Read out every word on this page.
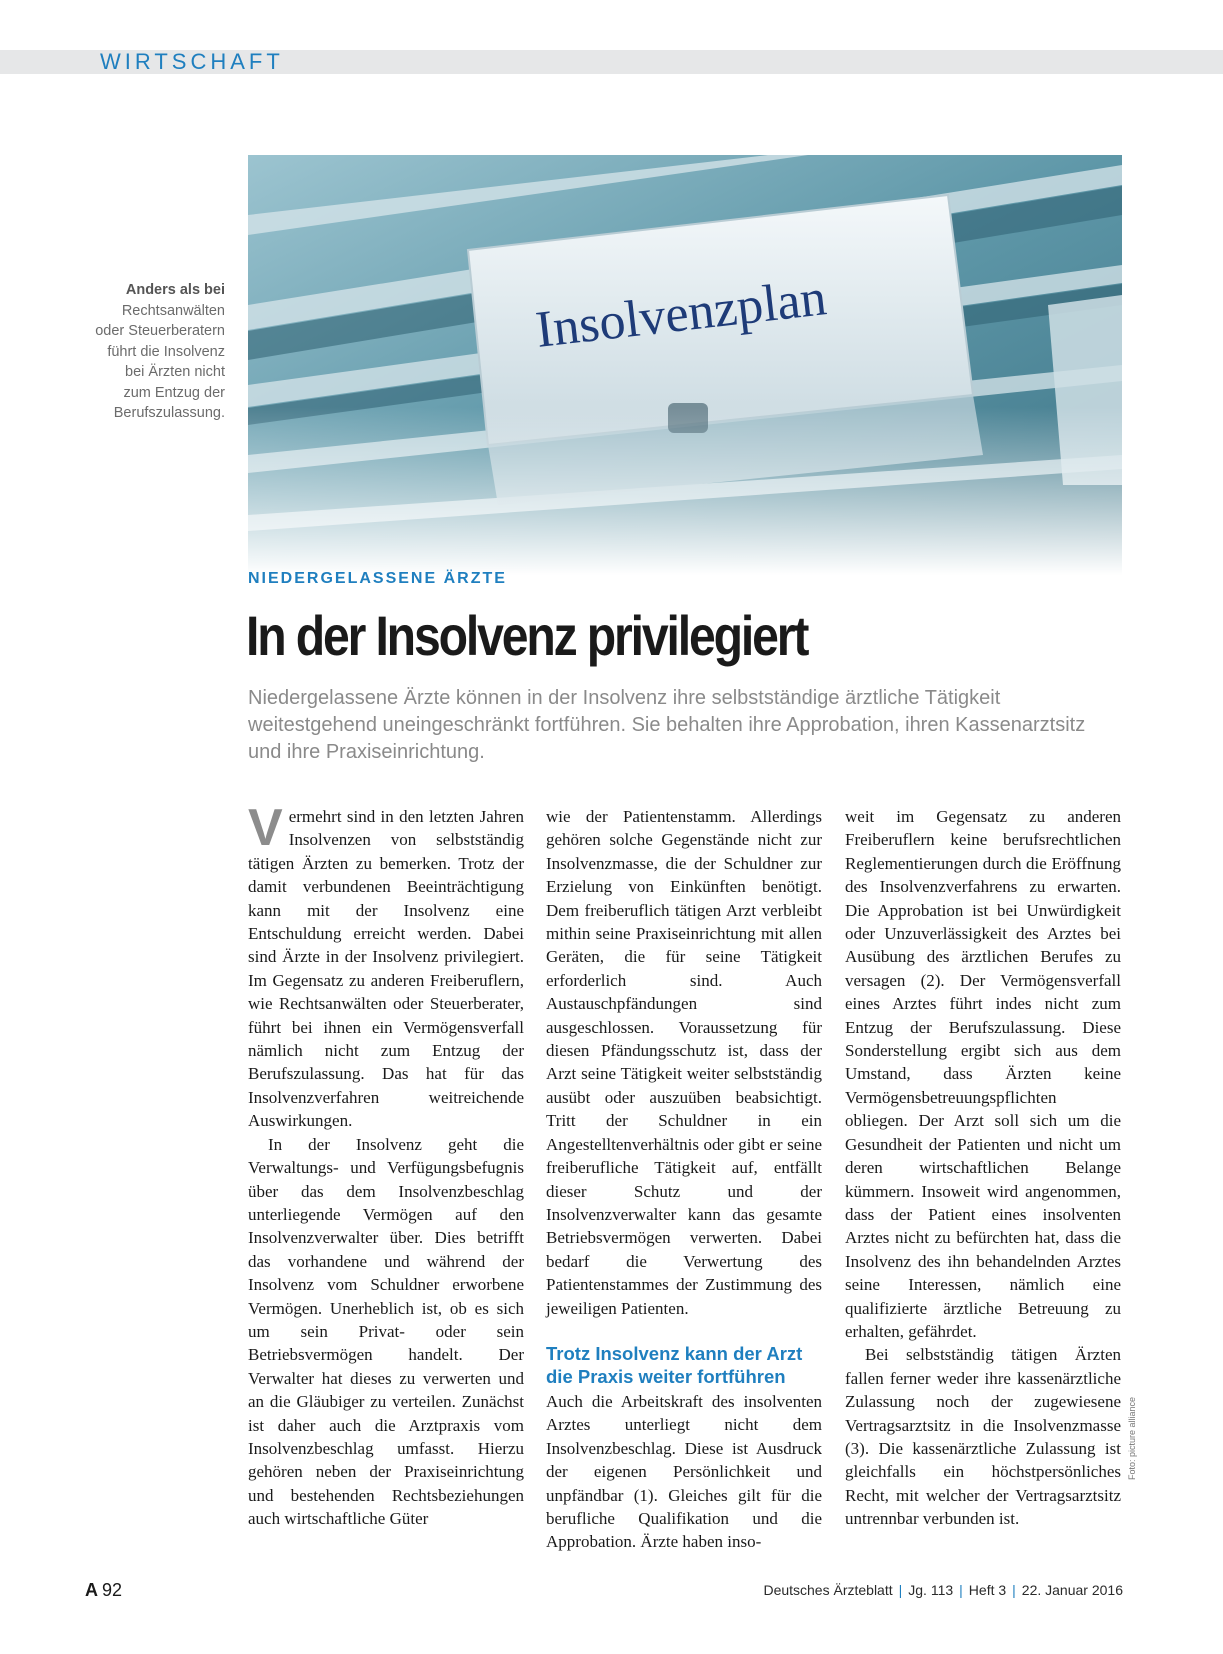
WIRTSCHAFT
Anders als bei
Rechtsanwälten oder Steuerberatern führt die Insolvenz bei Ärzten nicht zum Entzug der Berufszulassung.
Foto: picture alliance
NIEDERGELASSENE ÄRZTE
In der Insolvenz privilegiert

Niedergelassene Ärzte können in der Insolvenz ihre selbstständige ärztliche Tätigkeit weitestgehend uneingeschränkt fortführen. Sie behalten ihre Approbation, ihren Kassenarztsitz und ihre Praxiseinrichtung.

Vermehrt sind in den letzten Jahren Insolvenzen von selbstständig tätigen Ärzten zu bemerken. Trotz der damit verbundenen Beeinträchtigung kann mit der Insolvenz eine Entschuldung erreicht werden. Dabei sind Ärzte in der Insolvenz privilegiert. Im Gegensatz zu anderen Freiberuflern, wie Rechtsanwälten oder Steuerberater, führt bei ihnen ein Vermögensverfall nämlich nicht zum Entzug der Berufszulassung. Das hat für das Insolvenzverfahren weitreichende Auswirkungen.

In der Insolvenz geht die Verwaltungs- und Verfügungsbefugnis über das dem Insolvenzbeschlag unterliegende Vermögen auf den Insolvenzverwalter über. Dies betrifft das vorhandene und während der Insolvenz vom Schuldner erworbene Vermögen. Unerheblich ist, ob es sich um sein Privat- oder sein Betriebsvermögen handelt. Der Verwalter hat dieses zu verwerten und an die Gläubiger zu verteilen. Zunächst ist daher auch die Arztpraxis vom Insolvenzbeschlag umfasst. Hierzu gehören neben der Praxiseinrichtung und bestehenden Rechtsbeziehungen auch wirtschaftliche Güter

wie der Patientenstamm. Allerdings gehören solche Gegenstände nicht zur Insolvenzmasse, die der Schuldner zur Erzielung von Einkünften benötigt. Dem freiberuflich tätigen Arzt verbleibt mithin seine Praxiseinrichtung mit allen Geräten, die für seine Tätigkeit erforderlich sind. Auch Austauschpfändungen sind ausgeschlossen. Voraussetzung für diesen Pfändungsschutz ist, dass der Arzt seine Tätigkeit weiter selbstständig ausübt oder auszuüben beabsichtigt. Tritt der Schuldner in ein Angestelltenverhältnis oder gibt er seine freiberufliche Tätigkeit auf, entfällt dieser Schutz und der Insolvenzverwalter kann das gesamte Betriebsvermögen verwerten. Dabei bedarf die Verwertung des Patientenstammes der Zustimmung des jeweiligen Patienten.

Trotz Insolvenz kann der Arzt die Praxis weiter fortführen

Auch die Arbeitskraft des insolventen Arztes unterliegt nicht dem Insolvenzbeschlag. Diese ist Ausdruck der eigenen Persönlichkeit und unpfändbar (1). Gleiches gilt für die berufliche Qualifikation und die Approbation. Ärzte haben inso-

weit im Gegensatz zu anderen Freiberuflern keine berufsrechtlichen Reglementierungen durch die Eröffnung des Insolvenzverfahrens zu erwarten. Die Approbation ist bei Unwürdigkeit oder Unzuverlässigkeit des Arztes bei Ausübung des ärztlichen Berufes zu versagen (2). Der Vermögensverfall eines Arztes führt indes nicht zum Entzug der Berufszulassung. Diese Sonderstellung ergibt sich aus dem Umstand, dass Ärzten keine Vermögensbetreuungspflichten obliegen. Der Arzt soll sich um die Gesundheit der Patienten und nicht um deren wirtschaftlichen Belange kümmern. Insoweit wird angenommen, dass der Patient eines insolventen Arztes nicht zu befürchten hat, dass die Insolvenz des ihn behandelnden Arztes seine Interessen, nämlich eine qualifizierte ärztliche Betreuung zu erhalten, gefährdet.

Bei selbstständig tätigen Ärzten fallen ferner weder ihre kassenärztliche Zulassung noch der zugewiesene Vertragsarztsitz in die Insolvenzmasse (3). Die kassenärztliche Zulassung ist gleichfalls ein höchstpersönliches Recht, mit welcher der Vertragsarztsitz untrennbar verbunden ist.

A 92	Deutsches Ärzteblatt | Jg. 113 | Heft 3 | 22. Januar 2016
